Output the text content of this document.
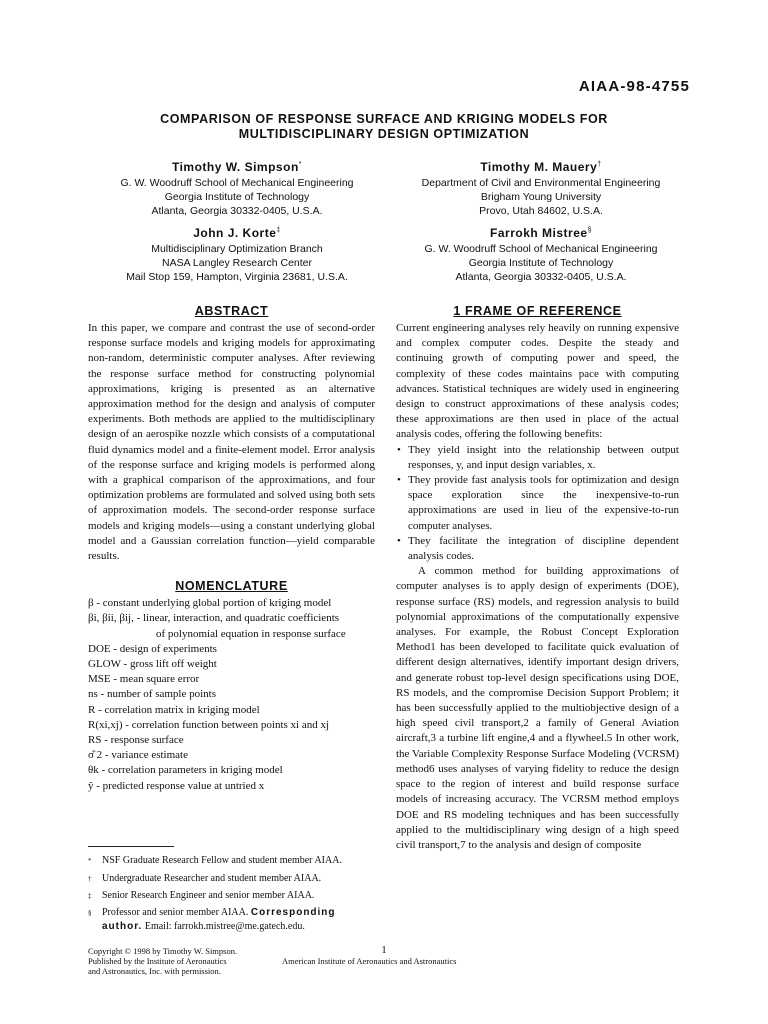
AIAA-98-4755
COMPARISON OF RESPONSE SURFACE AND KRIGING MODELS FOR
MULTIDISCIPLINARY DESIGN OPTIMIZATION
Timothy W. Simpson*
G. W. Woodruff School of Mechanical Engineering
Georgia Institute of Technology
Atlanta, Georgia 30332-0405, U.S.A.
Timothy M. Mauery†
Department of Civil and Environmental Engineering
Brigham Young University
Provo, Utah 84602, U.S.A.
John J. Korte‡
Multidisciplinary Optimization Branch
NASA Langley Research Center
Mail Stop 159, Hampton, Virginia 23681, U.S.A.
Farrokh Mistree§
G. W. Woodruff School of Mechanical Engineering
Georgia Institute of Technology
Atlanta, Georgia 30332-0405, U.S.A.
ABSTRACT

In this paper, we compare and contrast the use of second-order response surface models and kriging models for approximating non-random, deterministic computer analyses. After reviewing the response surface method for constructing polynomial approximations, kriging is presented as an alternative approximation method for the design and analysis of computer experiments. Both methods are applied to the multidisciplinary design of an aerospike nozzle which consists of a computational fluid dynamics model and a finite-element model. Error analysis of the response surface and kriging models is performed along with a graphical comparison of the approximations, and four optimization problems are formulated and solved using both sets of approximation models. The second-order response surface models and kriging models—using a constant underlying global model and a Gaussian correlation function—yield comparable results.

NOMENCLATURE

β - constant underlying global portion of kriging model

βi, βii, βij, - linear, interaction, and quadratic coefficients

of polynomial equation in response surface

DOE - design of experiments

GLOW - gross lift off weight

MSE - mean square error

ns - number of sample points

R - correlation matrix in kriging model

R(xi,xj) - correlation function between points xi and xj

RS - response surface

σ̂ 2 - variance estimate

θk - correlation parameters in kriging model

ŷ - predicted response value at untried x

*	NSF Graduate Research Fellow and student member AIAA.
†	Undergraduate Researcher and student member AIAA.
‡	Senior Research Engineer and senior member AIAA.
§	Professor and senior member AIAA. Corresponding author. Email: farrokh.mistree@me.gatech.edu.
1 FRAME OF REFERENCE

Current engineering analyses rely heavily on running expensive and complex computer codes. Despite the steady and continuing growth of computing power and speed, the complexity of these codes maintains pace with computing advances. Statistical techniques are widely used in engineering design to construct approximations of these analysis codes; these approximations are then used in place of the actual analysis codes, offering the following benefits:

• They yield insight into the relationship between output responses, y, and input design variables, x.
• They provide fast analysis tools for optimization and design space exploration since the inexpensive-to-run approximations are used in lieu of the expensive-to-run computer analyses.
• They facilitate the integration of discipline dependent analysis codes.

A common method for building approximations of computer analyses is to apply design of experiments (DOE), response surface (RS) models, and regression analysis to build polynomial approximations of the computationally expensive analyses. For example, the Robust Concept Exploration Method1 has been developed to facilitate quick evaluation of different design alternatives, identify important design drivers, and generate robust top-level design specifications using DOE, RS models, and the compromise Decision Support Problem; it has been successfully applied to the multiobjective design of a high speed civil transport,2 a family of General Aviation aircraft,3 a turbine lift engine,4 and a flywheel.5 In other work, the Variable Complexity Response Surface Modeling (VCRSM) method6 uses analyses of varying fidelity to reduce the design space to the region of interest and build response surface models of increasing accuracy. The VCRSM method employs DOE and RS modeling techniques and has been successfully applied to the multidisciplinary wing design of a high speed civil transport,7 to the analysis and design of composite

Copyright © 1998 by Timothy W. Simpson.
Published by the Institute of Aeronautics
and Astronautics, Inc. with permission.
1
American Institute of Aeronautics and Astronautics
